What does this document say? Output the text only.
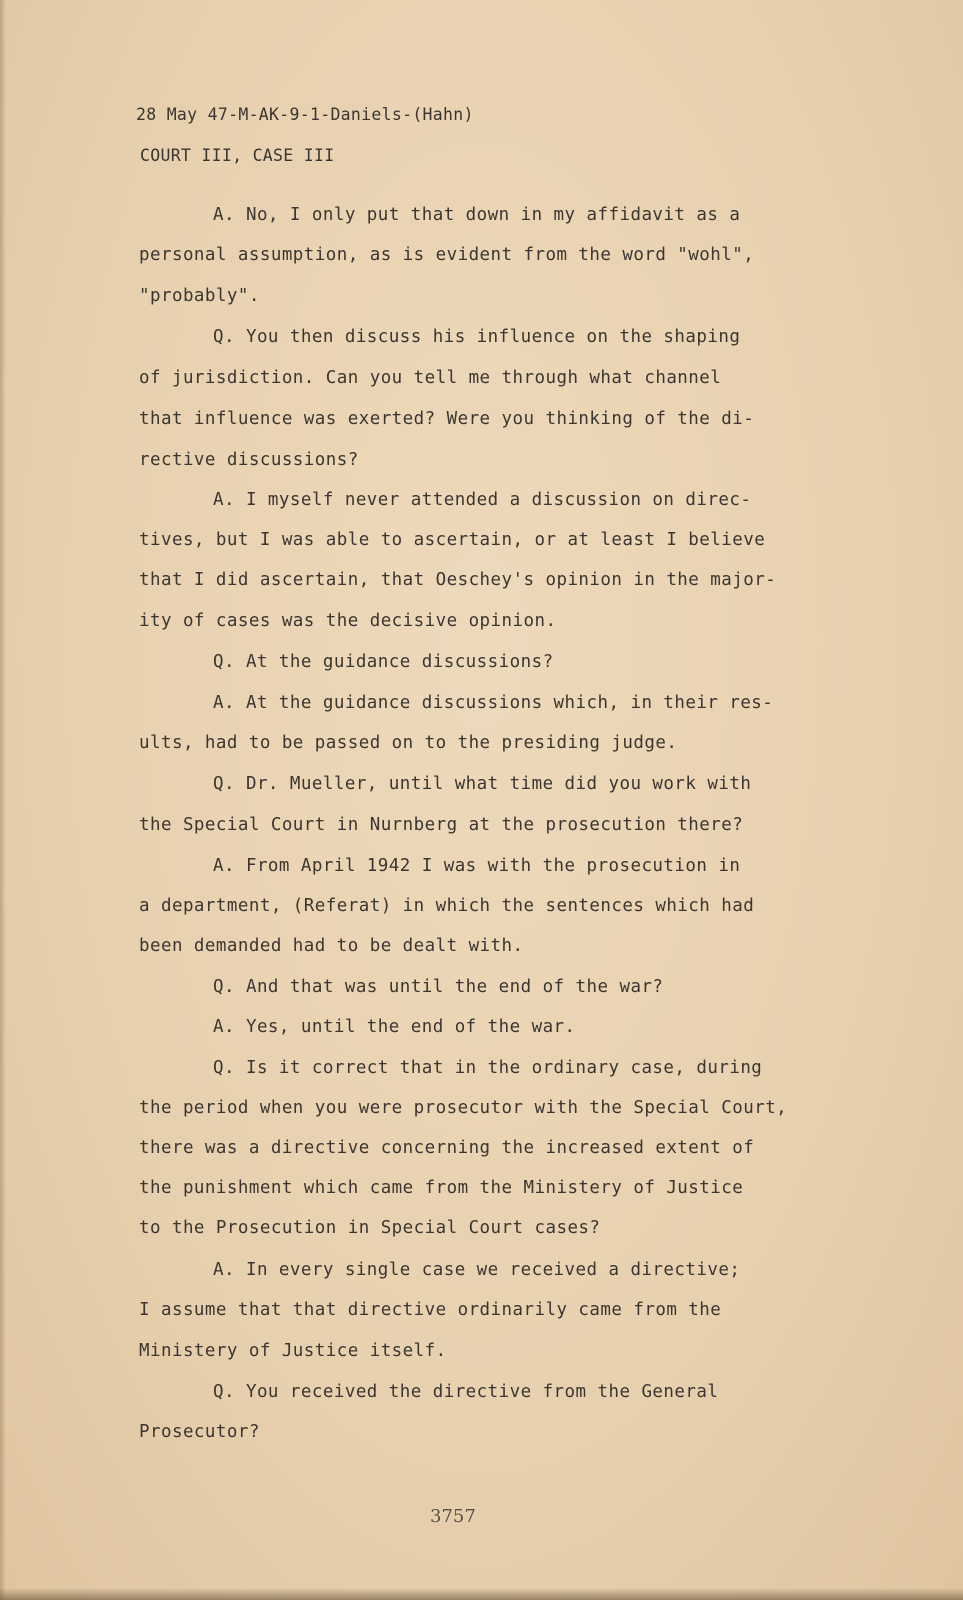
28 May 47-M-AK-9-1-Daniels-(Hahn)
COURT III, CASE III
A. No, I only put that down in my affidavit as a
personal assumption, as is evident from the word "wohl",
"probably".
Q. You then discuss his influence on the shaping
of jurisdiction. Can you tell me through what channel
that influence was exerted? Were you thinking of the di-
rective discussions?
A. I myself never attended a discussion on direc-
tives, but I was able to ascertain, or at least I believe
that I did ascertain, that Oeschey's opinion in the major-
ity of cases was the decisive opinion.
Q. At the guidance discussions?
A. At the guidance discussions which, in their res-
ults, had to be passed on to the presiding judge.
Q. Dr. Mueller, until what time did you work with
the Special Court in Nurnberg at the prosecution there?
A. From April 1942 I was with the prosecution in
a department, (Referat) in which the sentences which had
been demanded had to be dealt with.
Q. And that was until the end of the war?
A. Yes, until the end of the war.
Q. Is it correct that in the ordinary case, during
the period when you were prosecutor with the Special Court,
there was a directive concerning the increased extent of
the punishment which came from the Ministery of Justice
to the Prosecution in Special Court cases?
A. In every single case we received a directive;
I assume that that directive ordinarily came from the
Ministery of Justice itself.
Q. You received the directive from the General
Prosecutor?
3757
